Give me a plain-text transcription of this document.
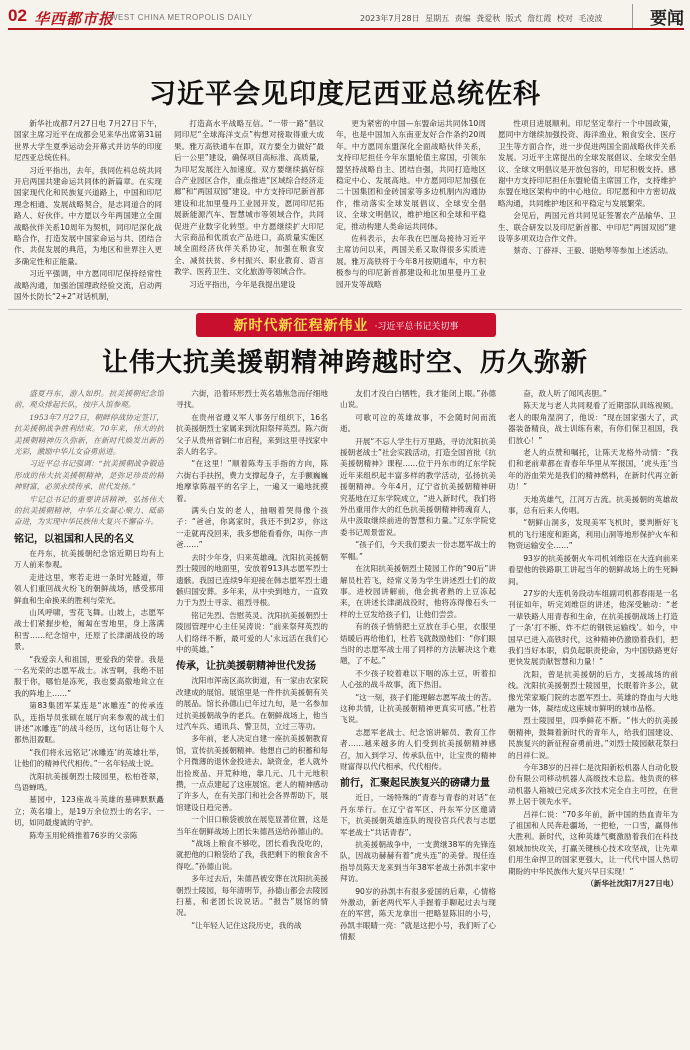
02 华西都市报
WEST CHINA METROPOLIS DAILY	2023年7月28日 星期五 责编 龚爱秋 版式 詹红霞 校对 毛凌波	要闻
习近平会见印度尼西亚总统佐科

新华社成都7月27日电 7月27日下午，国家主席习近平在成都会见来华出席第31届世界大学生夏季运动会开幕式并访华的印度尼西亚总统佐科。

习近平指出，去年，我同佐科总统共同开启两国共建命运共同体的新篇章。在实现国家现代化和民族复兴道路上，中国和印尼理念相通、发展战略契合，是志同道合的同路人、好伙伴。中方愿以今年两国建立全面战略伙伴关系10周年为契机，同印尼深化战略合作，打造发展中国家命运与共、团结合作、共促发展的典范，为地区和世界注入更多确定性和正能量。

习近平强调，中方愿同印尼保持经常性战略沟通，加强治国理政经验交流，启动两国外长防长“2+2”对话机制，

打造高水平战略互信。“一带一路”倡议同印尼“全球海洋支点”构想对接取得重大成果。雅万高铁通车在即，双方要全力做好“最后一公里”建设，确保项目高标准、高质量，为印尼发展注入加速度。双方要继续搞好综合产业园区合作，重点推进“区域综合经济走廊”和“两国双园”建设。中方支持印尼新首都建设和北加里曼丹工业园开发，愿同印尼拓展新能源汽车、智慧城市等领域合作，共同促进产业数字化转型。中方愿继续扩大印尼大宗商品和优质农产品进口，高质量实施区域全面经济伙伴关系协定，加强在粮食安全、减贫扶贫、乡村振兴、职业教育、语言教学、医药卫生、文化旅游等领域合作。

习近平指出，今年是我提出建设

更为紧密的中国—东盟命运共同体10周年，也是中国加入东南亚友好合作条约20周年。中方愿同东盟深化全面战略伙伴关系，支持印尼担任今年东盟轮值主席国，引领东盟坚持战略自主、团结自强，共同打造地区稳定中心、发展高地。中方愿同印尼加强在二十国集团和金砖国家等多边机制内沟通协作，推动落实全球发展倡议、全球安全倡议、全球文明倡议，维护地区和全球和平稳定，推动构建人类命运共同体。

佐科表示，去年我在巴厘岛接待习近平主席访问以来，两国关系又取得很多实质进展。雅万高铁将于今年8月按期通车，中方积极参与的印尼新首都建设和北加里曼丹工业园开发等战略

性项目进展顺利。印尼坚定奉行一个中国政策，愿同中方继续加强投资、海洋渔业、粮食安全、医疗卫生等方面合作，进一步促进两国全面战略伙伴关系发展。习近平主席提出的全球发展倡议、全球安全倡议、全球文明倡议是开放包容的，印尼积极支持。感谢中方支持印尼担任东盟轮值主席国工作，支持维护东盟在地区架构中的中心地位。印尼愿和中方密切战略沟通，共同维护地区和平稳定与发展繁荣。

会见后，两国元首共同见证签署农产品输华、卫生、联合研发以及印尼新首都、中印尼“两国双园”建设等多项双边合作文件。

蔡奇、丁薛祥、王毅、谌贻琴等参加上述活动。

新时代新征程新伟业 ·习近平总书记关切事
让伟大抗美援朝精神跨越时空、历久弥新

盛夏丹东，游人如织。抗美援朝纪念馆前，观众排起长队，按序入馆参观。

1953年7月27日，朝鲜停战协定签订，抗美援朝战争胜利结束。70年来，伟大的抗美援朝精神历久弥新，在新时代焕发出新的光彩，激励中华儿女奋勇前进。

习近平总书记强调：“抗美援朝战争锻造形成的伟大抗美援朝精神，是弥足珍贵的精神财富，必须永续传承、世代发扬。”

牢记总书记的重要讲话精神，弘扬伟大的抗美援朝精神，中华儿女凝心聚力、砥砺奋进，为实现中华民族伟大复兴不懈奋斗。

铭记，以祖国和人民的名义

在丹东，抗美援朝纪念馆近期日均有上万人前来参观。

走进这里，寒若走进一条时光隧道，带领人们重回战火纷飞的朝鲜战场，感受那用鲜血和生命换来的胜利与荣光。

山风呼啸，雪花飞舞。山坡上，志愿军战士们紧握步枪，匍匐在雪地里，身上落满积雪……纪念馆中，还原了长津湖战役的场景。

“我爱亲人和祖国，更爱我的荣誉。我是一名光荣的志愿军战士。冰雪啊，我绝不屈服于你，哪怕是冻死，我也要高傲地耸立在我的阵地上……”

第83集团军某连是“冰雕连”的传承连队，连指导员张硕在展厅向来参观的战士们讲述“冰雕连”的战斗经历，这句话让每个人都热泪盈眶。

“我们将永远铭记‘冰雕连’的英雄壮举，让他们的精神代代相传。”一名年轻战士说。

沈阳抗美援朝烈士陵园里，松柏苍翠，鸟语蝉鸣。

墓园中，123座战斗英雄的墓碑默默矗立；英名墙上，是19万余位烈士的名字。一切，如同最虔诚的守护。

陈寿玉用轮椅推着76岁的父亲陈

六街，沿着环形烈士英名墙焦急而仔细地寻找。

在贵州省遵义军人事务厅组织下，16名抗美援朝烈士家属来到沈阳祭拜英烈。陈六街父子从贵州省铜仁市启程，来到这里寻找家中亲人的名字。

“在这里！”顺着陈寿玉手指的方向，陈六街右手扶拐，费力支撑起身子，左手颤巍巍地摩挲陈福平的名字上，一遍又一遍地抚摸着。

满头白发的老人，抽咽着哭得像个孩子：“爸爸，你离家时，我还不到2岁，你这一走就再没回来，我多想能看看你，叫你一声爸……”

去时少年身，归来英雄魂。沈阳抗美援朝烈士陵园的地面里，安放着913具志愿军烈士遗骸。我国已连续9年迎接在韩志愿军烈士遗骸归国安葬。多年来，从中央到地方，一直致力于为烈士寻亲、祖烈寻根。

铭记先烈、告慰英灵。沈阳抗美援朝烈士陵园管理中心主任吴涛说：“前来祭拜英烈的人们络绎不断，最可爱的人‘永远活在我们心中的英雄。”

传承，让抗美援朝精神世代发扬

沈阳市浑南区高坎街道，有一家由农家院改建成的展馆。展馆里是一件件抗美援朝有关的展品。馆长孙德山已年过九旬，是一名参加过抗美援朝战争的老兵。在朝鲜战场上，他当过汽车兵、通讯兵、警卫员，立过三等功。

多年前，老人决定自建一座抗美援朝教育馆，宣传抗美援朝精神。他想自己的积蓄和每个月微薄的退休金投进去。缺资金，老人就外出捡废品、开荒种地，靠几元、几十元地积攒，一点点建起了这座展馆。老人的精神感动了许多人，在有关部门和社会各界帮助下，展馆建设日趋完善。

一个旧口粮袋被放在展览显著位置，这是当年在朝鲜战场上团长朱德昌送给孙德山的。

“战场上粮食不够吃，团长看我没吃的，就把他的口粮袋给了我，我把剩下的粮食舍不得吃。”孙德山说。

多年过去后，朱德昌被安葬在沈阳抗美援朝烈士陵园，每年清明节，孙德山都会去陵园扫墓，和老团长说说话。“报告”展馆的情况。

“让年轻人记住这段历史，我的战

友们才没白白牺牲，我才能闭上眼。”孙德山说。

可歌可泣的英雄故事，不会随时间而流逝。

开展“不忘人学生行万里路，寻访沈阳抗美援朝老战士”社会实践活动，打造全国首批《抗美援朝精神》课程……位于丹东市的辽东学院近年来组织起丰富多样的教学活动，弘扬抗美援朝精神。今年4月，辽宁省抗美援朝精神研究基地在辽东学院成立，“进入新时代，我们将外出重用作大的红色抗美援朝精神铸魂育人，从中汲取继续前进的智慧和力量。”辽东学院党委书记周景雷说。

“孩子们，今天我们要去一份志愿军战士的军帽。”

在沈阳抗美援朝烈士陵园工作的“90后”讲解员杜若飞，经常义务为学生讲述烈士们的故事。进校园讲解前，他会挑者熟的上豆冻起来，在讲述长津湖战役时，他将冻得像石头一样的土豆发给孩子们，让他们尝尝。

有的孩子悄悄把土豆放在手心里，衣服里焐暖后再给他们，杜若飞就鼓励他们：“你们眼当时的志愿军战士用了同样的方法解决这个难题，了不起。”

不少孩子咬着难以下咽的冻土豆，听着扣人心弦的战斗故事，流下热泪。

“这一刻，孩子们能理解志愿军战士的苦。这种共情，让抗美援朝精神更真实可感。”杜若飞说。

志愿军老战士、纪念馆讲解员、教育工作者……越来越多的人们受到抗美援朝精神感召，加入到学习、传承队伍中，让宝贵的精神财富得以代代相承，代代相传。

前行，汇聚起民族复兴的磅礴力量

近日，一场特殊的“青春与青春的对话”在丹东举行。在辽宁省军区、丹东军分区邀请下，抗美援朝英雄连队的现役官兵代表与志愿军老战士“共话青春”。

抗美援朝战争中，一支黄继38军的先锋连队，因战功赫赫有着“虎头连”的美誉。现任连指导员陈天龙来到当年38军老战士孙凯丰家中拜访。

90岁的孙凯丰有很多爱国的后辈，心情格外激动，新老两代军人手握着手聊起过去与现在的军营，陈天龙拿出一把略显陈旧的小号，孙凯丰眼睛一亮：“就是这把小号，我们听了心情振

奋，敌人听了闻风丧胆。”

陈天龙与老人共同观看了近期部队训练视频。老人的眼角湿润了，他说：“现在国家强大了，武器装备精良，战士训练有素，有你们保卫祖国，我们放心！”

老人的点赞和嘱托，让陈天龙格外动情：“我们和老前辈都在青春年华里从军报国，‘虎头连’当年的浴血荣光是我们的精神燃料，在新时代再立新功！”

天地英雄气，江河万古流。抗美援朝的英雄故事，总有后来人传唱。

“朝鲜山洞多，发现美军飞机时，要判断好飞机的飞行速度和距离，利用山洞等地形保护火车和物资运输安全……”

93岁的抗美援朝火车司机刘维臣在大连向前来看望他的铁路职工讲起当年的朝鲜战场上的生死瞬间。

27岁的大连机务段动车组副司机都春雨是一名刊征如年，听完刘维臣的讲述，他深受触动：“老一辈铁路人用青春和生命，在抗美援朝战场上打造了一条‘打不断、炸不烂的钢铁运输线’。如今，中国早已进入高铁时代，这种精神仍激励着我们，把我们当好本职，肩负起职责使命，为中国铁路更好更快发展贡献智慧和力量！”

沈阳，曾是抗美援朝的后方，支援战场的前线。沈阳抗美援朝烈士陵园里，长眠着许多公，就像光荣家璇门院的志愿军烈士。英雄的脊血与大地融为一体，凝结成这座城市鲜明的城市品格。

烈士陵园里，四季鲜花不断。“伟大的抗美援朝精神，鼓舞着新时代的青年人，给我们国建设、民族复兴的新征程奋勇前进。”刘烈士陵园献花祭扫的吕祥仁说。

今年38岁的吕祥仁是沈阳新松机器人自动化股份有限公司移动机器人高级技术总监。他负责的移动机器人箱城已完成多次技术完全自主可控，在世界上居于领先水平。

吕祥仁说：“70多年前，新中国的热血青年为了祖国和人民奔赴疆场，一把枪，一口雪，赢得伟大胜利。新时代，这种英雄气概激励着我们在科技领域加快攻关，打赢关键核心技术攻坚战，让先辈们用生命捍卫的国家更强大，让一代代中国人热切期盼的中华民族伟大复兴早日实现！”

（新华社沈阳7月27日电）
